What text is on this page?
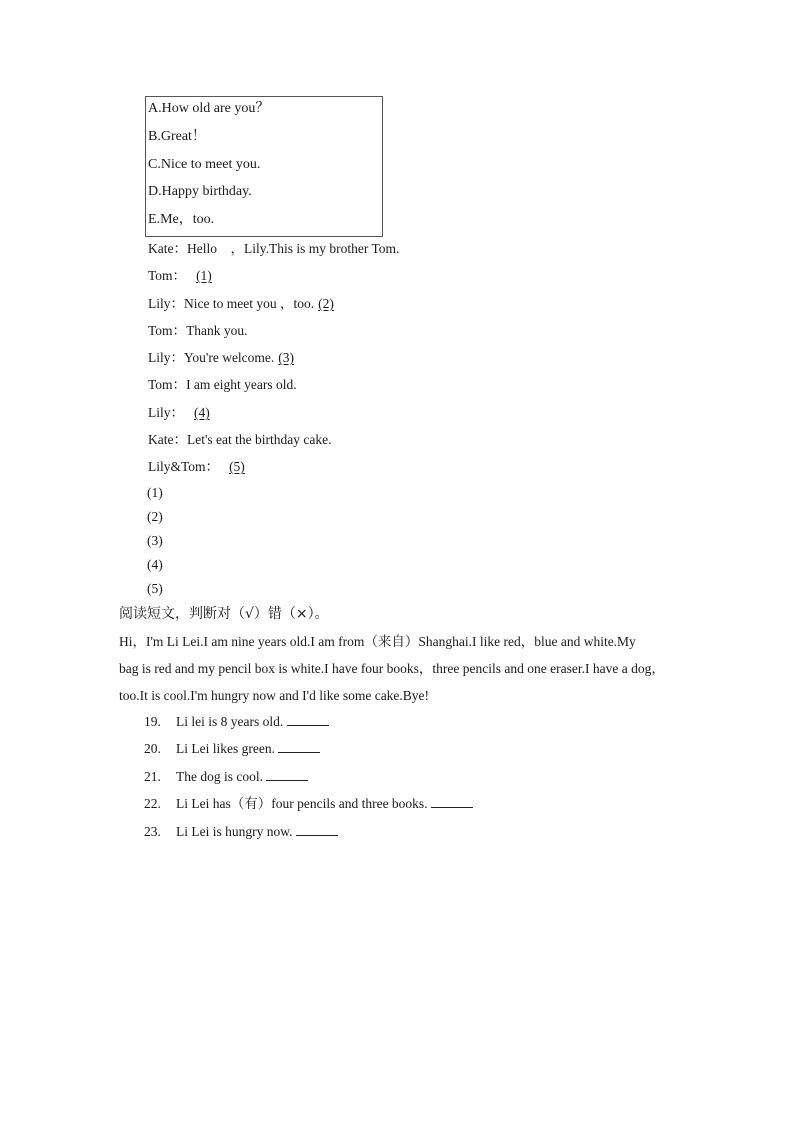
A.How old are you？
B.Great！
C.Nice to meet you.
D.Happy birthday.
E.Me，too.
Kate：Hello　，Lily.This is my brother Tom.
Tom： (1)
Lily：Nice to meet you ，too. (2)
Tom：Thank you.
Lily：You're welcome. (3)
Tom：I am eight years old.
Lily： (4)
Kate：Let's eat the birthday cake.
Lily&Tom： (5)
(1)
(2)
(3)
(4)
(5)
阅读短文，判断对（√）错（×）。
Hi，I'm Li Lei.I am nine years old.I am from（来自）Shanghai.I like red，blue and white.My
bag is red and my pencil box is white.I have four books，three pencils and one eraser.I have a dog，
too.It is cool.I'm hungry now and I'd like some cake.Bye!
19. Li lei is 8 years old.
20. Li Lei likes green.
21. The dog is cool.
22. Li Lei has（有）four pencils and three books.
23. Li Lei is hungry now.
